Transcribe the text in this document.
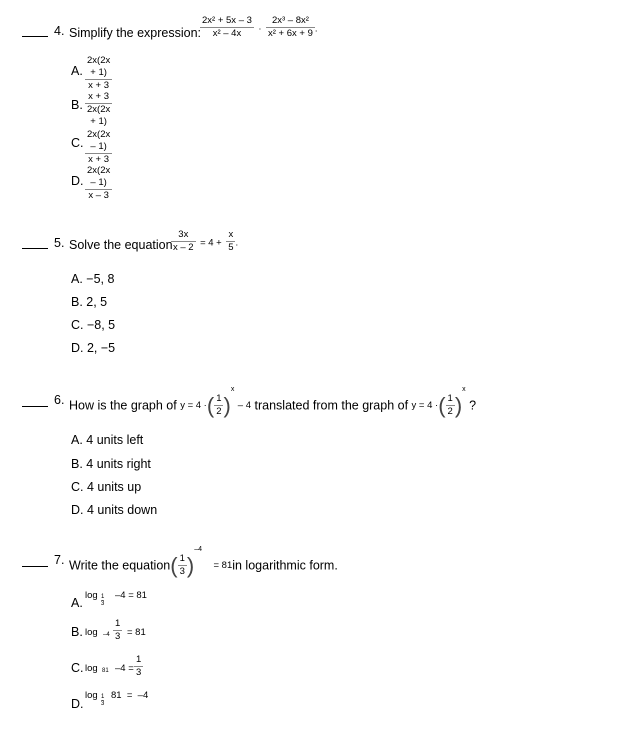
4. Simplify the expression:
$\frac{\text{2x² + 5x – 3}}{\text{x² – 4x}} \cdot \frac{\text{2x³ – 8x²}}{\text{x² + 6x + 9}}$ .
A. $\frac{2x(2x + 1)}{x + 3}$
B. $\frac{x + 3}{2x(2x + 1)}$
C. $\frac{2x(2x - 1)}{x + 3}$
D. $\frac{2x(2x - 1)}{x - 3}$
5. Solve the equation
$\frac{3x}{x - 2} = 4 + \frac{x}{5}$ .
A. −5, 8
B. 2, 5
C. −8, 5
D. 2, −5
6. How is the graph of y = 4 ·( $\frac{1}{2} )^x - 4$ translated from the graph of y = 4 ·( $\frac{1}{2} )^x$ ?
A. 4 units left
B. 4 units right
C. 4 units up
D. 4 units down
7. Write the equation( $\frac{1}{3} )^{-4} = 81in$ logarithmic form.
A.
$\log \frac{1}{3} -4 = 81$
B. $\log -4 \frac{1}{3} = 81$
C. log 81 $-4 = \frac{1}{3}$
D.
$\log \frac{1}{3} 81 = -4$
